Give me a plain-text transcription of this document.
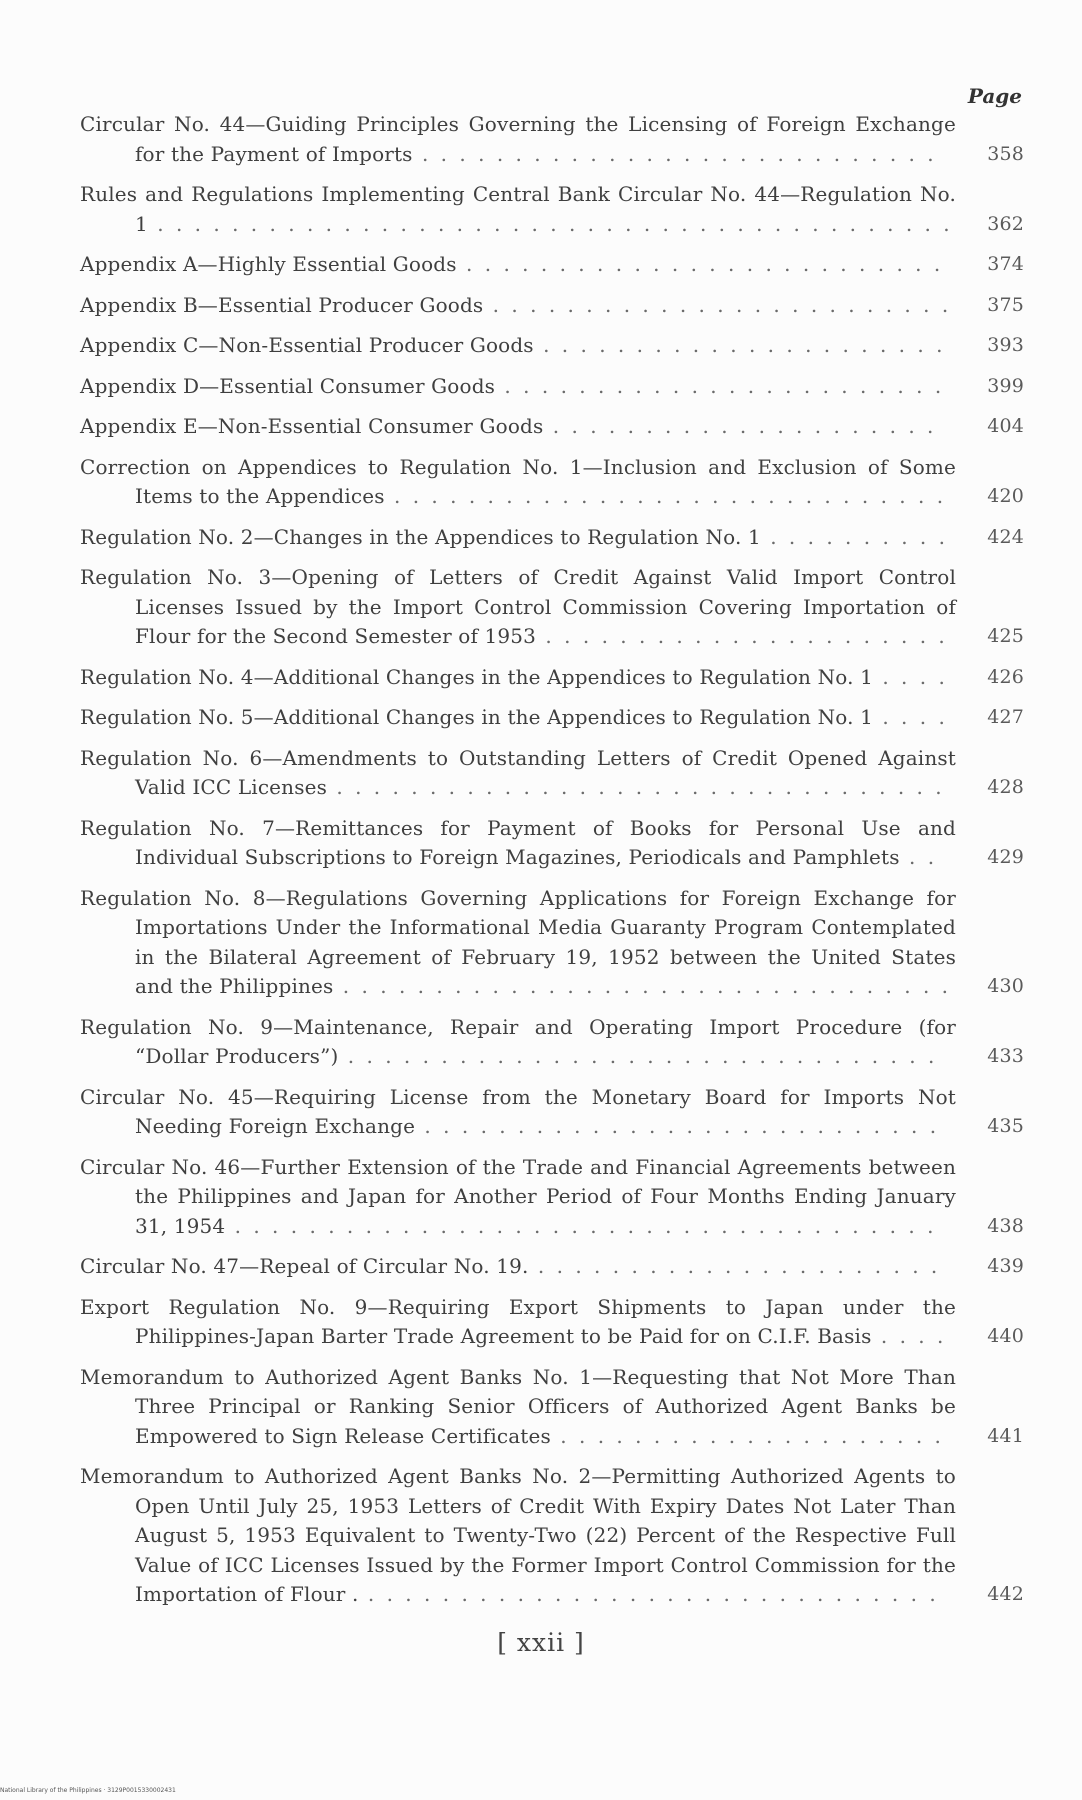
Page
Circular No. 44—Guiding Principles Governing the Licensing of Foreign Exchange for the Payment of Imports . . . . . . . . . . . . . . . . . . . . . . . . . . . .	358
Rules and Regulations Implementing Central Bank Circular No. 44—Regulation No. 1 . . . . . . . . . . . . . . . . . . . . . . . . . . . . . . . . . . . . . . . . . . .	362
Appendix A—Highly Essential Goods . . . . . . . . . . . . . . . . . . . . . . . . . .	374
Appendix B—Essential Producer Goods . . . . . . . . . . . . . . . . . . . . . . . . .	375
Appendix C—Non-Essential Producer Goods . . . . . . . . . . . . . . . . . . . . . .	393
Appendix D—Essential Consumer Goods . . . . . . . . . . . . . . . . . . . . . . . .	399
Appendix E—Non-Essential Consumer Goods . . . . . . . . . . . . . . . . . . . . .	404
Correction on Appendices to Regulation No. 1—Inclusion and Exclusion of Some Items to the Appendices . . . . . . . . . . . . . . . . . . . . . . . . . . . . . .	420
Regulation No. 2—Changes in the Appendices to Regulation No. 1 . . . . . . . . . .	424
Regulation No. 3—Opening of Letters of Credit Against Valid Import Control Licenses Issued by the Import Control Commission Covering Importation of Flour for the Second Semester of 1953 . . . . . . . . . . . . . . . . . . . . . .	425
Regulation No. 4—Additional Changes in the Appendices to Regulation No. 1 . . . .	426
Regulation No. 5—Additional Changes in the Appendices to Regulation No. 1 . . . .	427
Regulation No. 6—Amendments to Outstanding Letters of Credit Opened Against Valid ICC Licenses . . . . . . . . . . . . . . . . . . . . . . . . . . . . . . . . .	428
Regulation No. 7—Remittances for Payment of Books for Personal Use and Individual Subscriptions to Foreign Magazines, Periodicals and Pamphlets . .	429
Regulation No. 8—Regulations Governing Applications for Foreign Exchange for Importations Under the Informational Media Guaranty Program Contemplated in the Bilateral Agreement of February 19, 1952 between the United States and the Philippines . . . . . . . . . . . . . . . . . . . . . . . . . . . . . . . . .	430
Regulation No. 9—Maintenance, Repair and Operating Import Procedure (for “Dollar Producers”) . . . . . . . . . . . . . . . . . . . . . . . . . . . . . . . .	433
Circular No. 45—Requiring License from the Monetary Board for Imports Not Needing Foreign Exchange . . . . . . . . . . . . . . . . . . . . . . . . . . . .	435
Circular No. 46—Further Extension of the Trade and Financial Agreements between the Philippines and Japan for Another Period of Four Months Ending January 31, 1954 . . . . . . . . . . . . . . . . . . . . . . . . . . . . . . . . . . . . . .	438
Circular No. 47—Repeal of Circular No. 19. . . . . . . . . . . . . . . . . . . . . . .	439
Export Regulation No. 9—Requiring Export Shipments to Japan under the Philippines-Japan Barter Trade Agreement to be Paid for on C.I.F. Basis . . . .	440
Memorandum to Authorized Agent Banks No. 1—Requesting that Not More Than Three Principal or Ranking Senior Officers of Authorized Agent Banks be Empowered to Sign Release Certificates . . . . . . . . . . . . . . . . . . . . .	441
Memorandum to Authorized Agent Banks No. 2—Permitting Authorized Agents to Open Until July 25, 1953 Letters of Credit With Expiry Dates Not Later Than August 5, 1953 Equivalent to Twenty-Two (22) Percent of the Respective Full Value of ICC Licenses Issued by the Former Import Control Commission for the Importation of Flour . . . . . . . . . . . . . . . . . . . . . . . . . . . . . . . .	442
[ xxii ]
National Library of the Philippines · 3129P0015330002431
